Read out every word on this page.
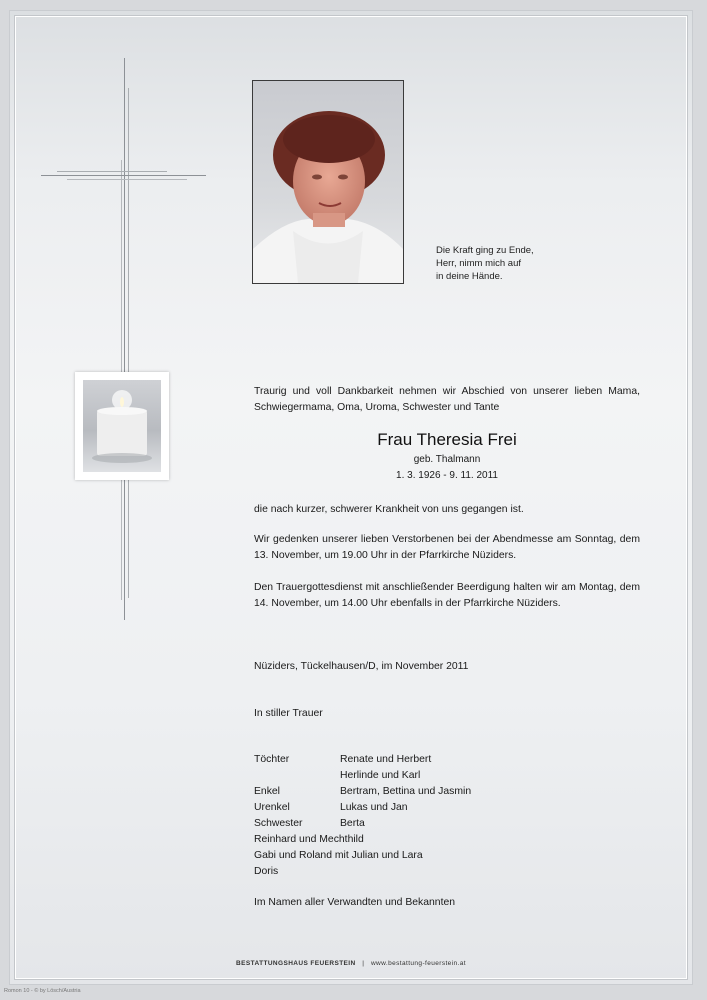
Die Kraft ging zu Ende,
Herr, nimm mich auf
in deine Hände.
Traurig und voll Dankbarkeit nehmen wir Abschied von unserer lieben Mama, Schwiegermama, Oma, Uroma, Schwester und Tante
Frau Theresia Frei
geb. Thalmann
1. 3. 1926 - 9. 11. 2011
die nach kurzer, schwerer Krankheit von uns gegangen ist.
Wir gedenken unserer lieben Verstorbenen bei der Abendmesse am Sonntag, dem 13. November, um 19.00 Uhr in der Pfarrkirche Nüziders.
Den Trauergottesdienst mit anschließender Beerdigung halten wir am Montag, dem 14. November, um 14.00 Uhr ebenfalls in der Pfarrkirche Nüziders.
Nüziders, Tückelhausen/D, im November 2011
In stiller Trauer
Töchter	Renate und Herbert
Herlinde und Karl
Enkel	Bertram, Bettina und Jasmin
Urenkel	Lukas und Jan
Schwester	Berta
Reinhard und Mechthild
Gabi und Roland mit Julian und Lara
Doris
Im Namen aller Verwandten und Bekannten
BESTATTUNGSHAUS FEUERSTEIN | www.bestattung-feuerstein.at
Romon 10 - © by Lösch/Austria
